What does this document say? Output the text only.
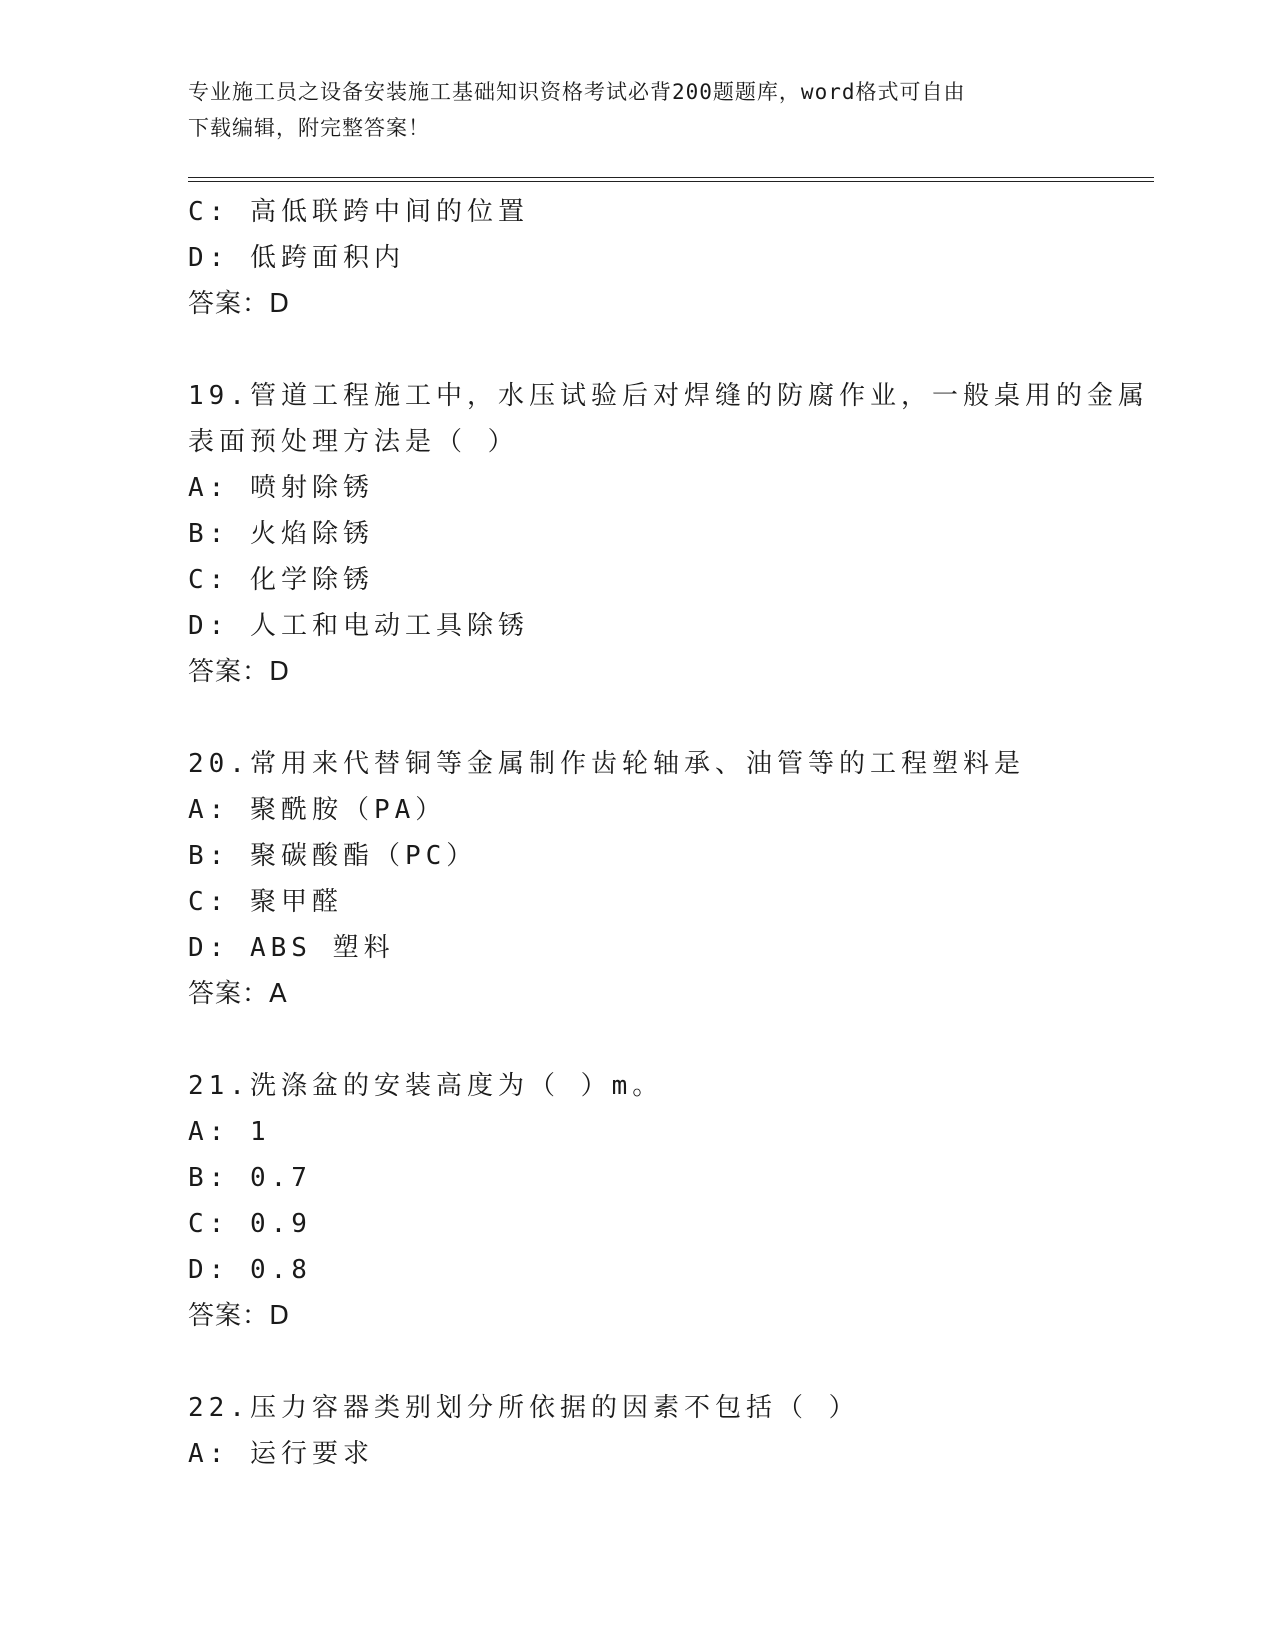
专业施工员之设备安装施工基础知识资格考试必背200题题库，word格式可自由
下载编辑，附完整答案！
C: 高低联跨中间的位置
D: 低跨面积内
答案：D
19.管道工程施工中，水压试验后对焊缝的防腐作业，一般桌用的金属
表面预处理方法是（ ）
A: 喷射除锈
B: 火焰除锈
C: 化学除锈
D: 人工和电动工具除锈
答案：D
20.常用来代替铜等金属制作齿轮轴承、油管等的工程塑料是
A: 聚酰胺（PA）
B: 聚碳酸酯（PC）
C: 聚甲醛
D: ABS 塑料
答案：A
21.洗涤盆的安装高度为（ ）m。
A: 1
B: 0.7
C: 0.9
D: 0.8
答案：D
22.压力容器类别划分所依据的因素不包括（ ）
A: 运行要求
